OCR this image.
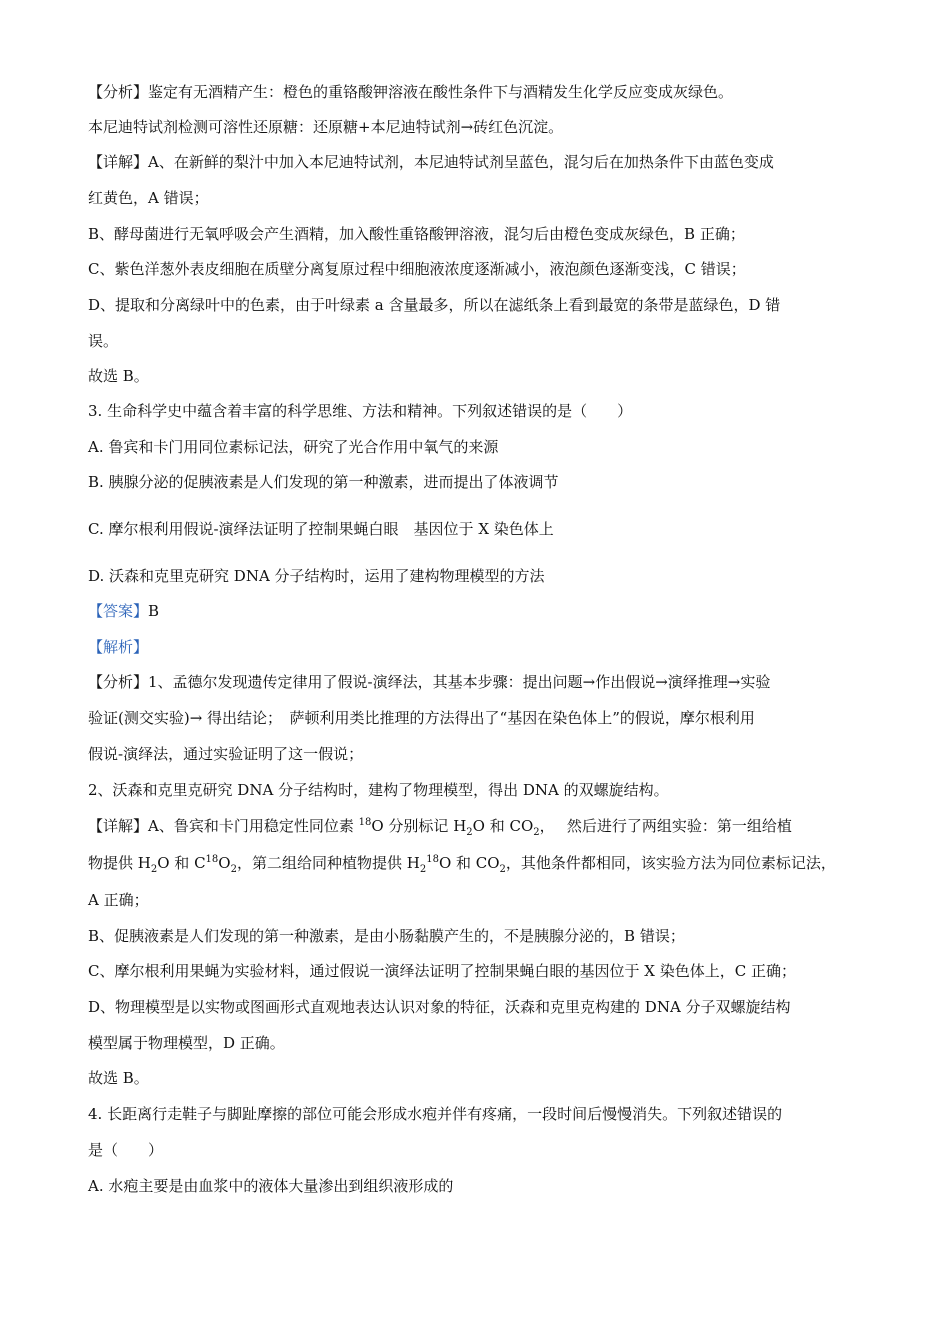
【分析】鉴定有无酒精产生：橙色的重铬酸钾溶液在酸性条件下与酒精发生化学反应变成灰绿色。
本尼迪特试剂检测可溶性还原糖：还原糖+本尼迪特试剂→砖红色沉淀。
【详解】A、在新鲜的梨汁中加入本尼迪特试剂，本尼迪特试剂呈蓝色，混匀后在加热条件下由蓝色变成
红黄色，A 错误；
B、酵母菌进行无氧呼吸会产生酒精，加入酸性重铬酸钾溶液，混匀后由橙色变成灰绿色，B 正确；
C、紫色洋葱外表皮细胞在质壁分离复原过程中细胞液浓度逐渐减小，液泡颜色逐渐变浅，C 错误；
D、提取和分离绿叶中的色素，由于叶绿素 a 含量最多，所以在滤纸条上看到最宽的条带是蓝绿色，D 错
误。
故选 B。
3. 生命科学史中蕴含着丰富的科学思维、方法和精神。下列叙述错误的是（　　）
A. 鲁宾和卡门用同位素标记法，研究了光合作用中氧气的来源
B. 胰腺分泌的促胰液素是人们发现的第一种激素，进而提出了体液调节
C. 摩尔根利用假说-演绎法证明了控制果蝇白眼　基因位于 X 染色体上
D. 沃森和克里克研究 DNA 分子结构时，运用了建构物理模型的方法
【答案】B
【解析】
【分析】1、孟德尔发现遗传定律用了假说-演绎法，其基本步骤：提出问题→作出假说→演绎推理→实验
验证(测交实验)→ 得出结论；　萨顿利用类比推理的方法得出了“基因在染色体上”的假说，摩尔根利用
假说-演绎法，通过实验证明了这一假说；
2、沃森和克里克研究 DNA 分子结构时，建构了物理模型，得出 DNA 的双螺旋结构。
【详解】A、鲁宾和卡门用稳定性同位素 $^{18}$O 分别标记 $H_2O$ 和 $CO_2$，　 然后进行了两组实验：第一组给植
物提供 $H_2O$ 和 $C^{18}O_2$，第二组给同种植物提供 $H_2^{18}O$ 和 $CO_2$，其他条件都相同，该实验方法为同位素标记法，
A 正确；
B、促胰液素是人们发现的第一种激素，是由小肠黏膜产生的，不是胰腺分泌的，B 错误；
C、摩尔根利用果蝇为实验材料，通过假说一演绎法证明了控制果蝇白眼的基因位于 X 染色体上，C 正确；
D、物理模型是以实物或图画形式直观地表达认识对象的特征，沃森和克里克构建的 DNA 分子双螺旋结构
模型属于物理模型，D 正确。
故选 B。
4. 长距离行走鞋子与脚趾摩擦的部位可能会形成水疱并伴有疼痛，一段时间后慢慢消失。下列叙述错误的
是（　　）
A. 水疱主要是由血浆中的液体大量渗出到组织液形成的
